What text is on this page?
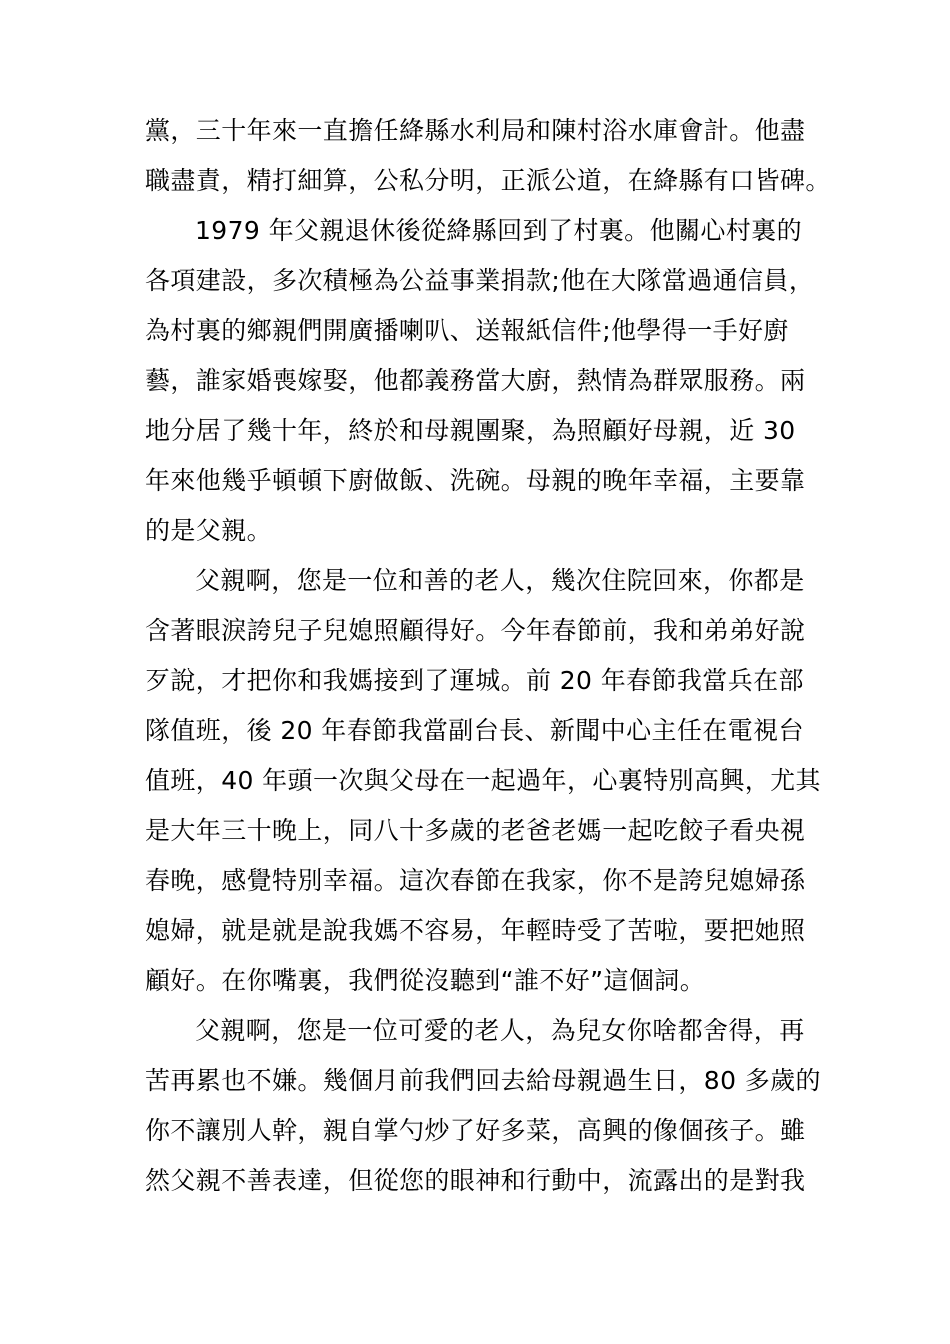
黨，三十年來一直擔任絳縣水利局和陳村浴水庫會計。他盡
職盡責，精打細算，公私分明，正派公道，在絳縣有口皆碑。
1979 年父親退休後從絳縣回到了村裏。他關心村裏的
各項建設，多次積極為公益事業捐款;他在大隊當過通信員，
為村裏的鄉親們開廣播喇叭、送報紙信件;他學得一手好廚
藝，誰家婚喪嫁娶，他都義務當大廚，熱情為群眾服務。兩
地分居了幾十年，終於和母親團聚，為照顧好母親，近 30
年來他幾乎頓頓下廚做飯、洗碗。母親的晚年幸福，主要靠
的是父親。
父親啊，您是一位和善的老人，幾次住院回來，你都是
含著眼淚誇兒子兒媳照顧得好。今年春節前，我和弟弟好說
歹說，才把你和我媽接到了運城。前 20 年春節我當兵在部
隊值班，後 20 年春節我當副台長、新聞中心主任在電視台
值班，40 年頭一次與父母在一起過年，心裏特別高興，尤其
是大年三十晚上，同八十多歲的老爸老媽一起吃餃子看央視
春晚，感覺特別幸福。這次春節在我家，你不是誇兒媳婦孫
媳婦，就是就是說我媽不容易，年輕時受了苦啦，要把她照
顧好。在你嘴裏，我們從沒聽到“誰不好”這個詞。
父親啊，您是一位可愛的老人，為兒女你啥都舍得，再
苦再累也不嫌。幾個月前我們回去給母親過生日，80 多歲的
你不讓別人幹，親自掌勺炒了好多菜，高興的像個孩子。雖
然父親不善表達，但從您的眼神和行動中，流露出的是對我
